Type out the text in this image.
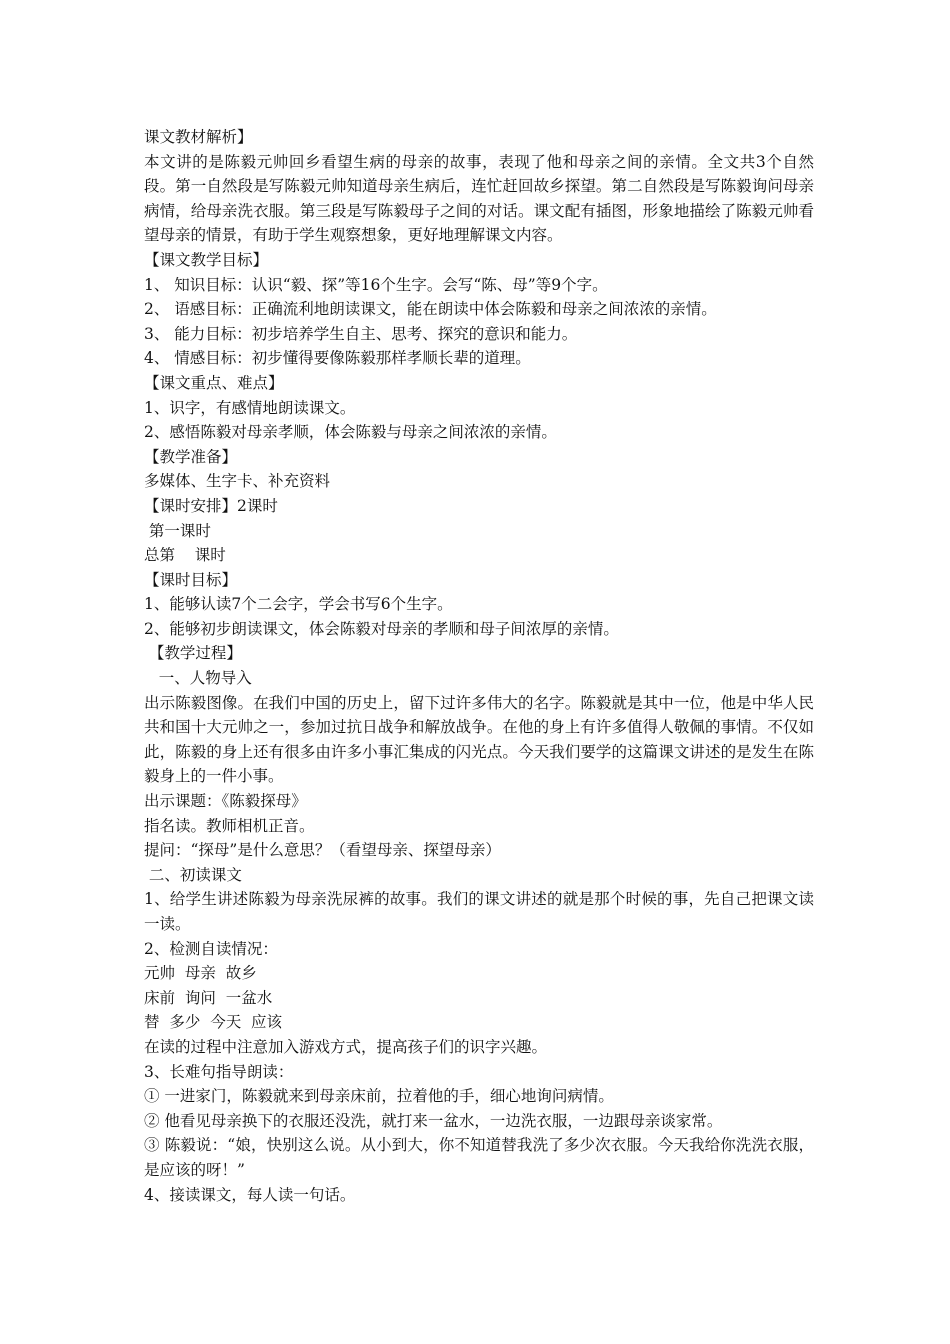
课文教材解析】
本文讲的是陈毅元帅回乡看望生病的母亲的故事，表现了他和母亲之间的亲情。全文共3个自然段。第一自然段是写陈毅元帅知道母亲生病后，连忙赶回故乡探望。第二自然段是写陈毅询问母亲病情，给母亲洗衣服。第三段是写陈毅母子之间的对话。课文配有插图，形象地描绘了陈毅元帅看望母亲的情景，有助于学生观察想象，更好地理解课文内容。
【课文教学目标】
1、 知识目标：认识“毅、探”等16个生字。会写“陈、母”等9个字。
2、 语感目标：正确流利地朗读课文，能在朗读中体会陈毅和母亲之间浓浓的亲情。
3、 能力目标：初步培养学生自主、思考、探究的意识和能力。
4、 情感目标：初步懂得要像陈毅那样孝顺长辈的道理。
【课文重点、难点】
1、识字，有感情地朗读课文。
2、感悟陈毅对母亲孝顺，体会陈毅与母亲之间浓浓的亲情。
【教学准备】
多媒体、生字卡、补充资料
【课时安排】2课时
第一课时
总第    课时
【课时目标】
1、能够认读7个二会字，学会书写6个生字。
2、能够初步朗读课文，体会陈毅对母亲的孝顺和母子间浓厚的亲情。
【教学过程】
一、人物导入
出示陈毅图像。在我们中国的历史上，留下过许多伟大的名字。陈毅就是其中一位，他是中华人民共和国十大元帅之一，参加过抗日战争和解放战争。在他的身上有许多值得人敬佩的事情。不仅如此，陈毅的身上还有很多由许多小事汇集成的闪光点。今天我们要学的这篇课文讲述的是发生在陈毅身上的一件小事。
出示课题：《陈毅探母》
指名读。教师相机正音。
提问：“探母”是什么意思？（看望母亲、探望母亲）
二、初读课文
1、给学生讲述陈毅为母亲洗尿裤的故事。我们的课文讲述的就是那个时候的事，先自己把课文读一读。
2、检测自读情况：
元帅  母亲  故乡
床前  询问  一盆水
替  多少  今天  应该
在读的过程中注意加入游戏方式，提高孩子们的识字兴趣。
3、长难句指导朗读：
① 一进家门，陈毅就来到母亲床前，拉着他的手，细心地询问病情。
② 他看见母亲换下的衣服还没洗，就打来一盆水，一边洗衣服，一边跟母亲谈家常。
③ 陈毅说：“娘，快别这么说。从小到大，你不知道替我洗了多少次衣服。今天我给你洗洗衣服，是应该的呀！”
4、接读课文，每人读一句话。
